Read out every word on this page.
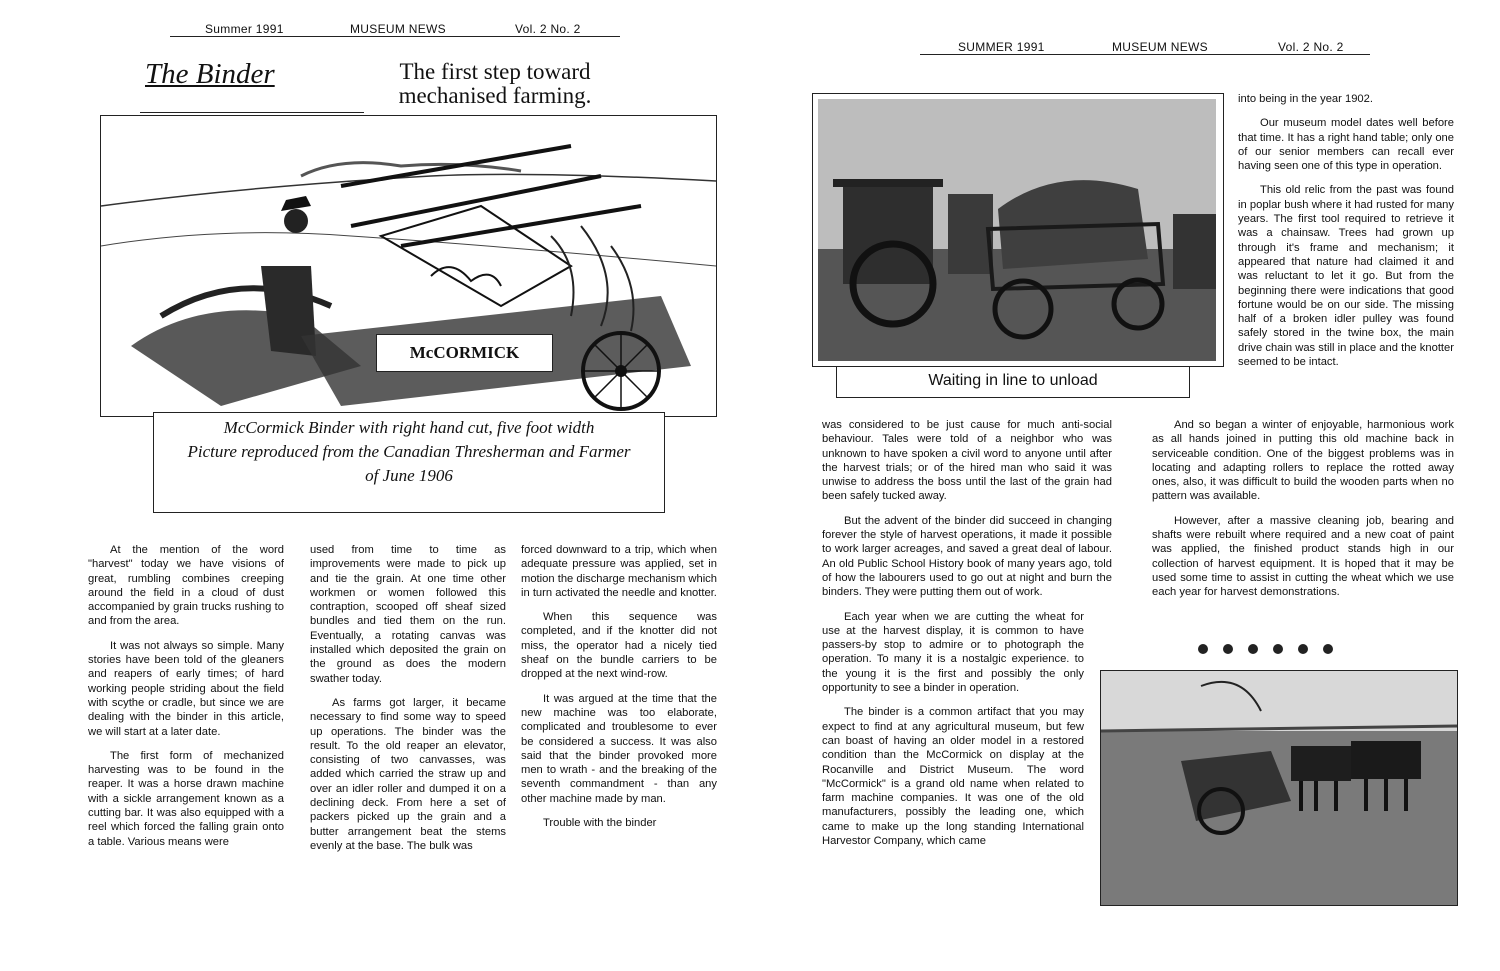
Summer 1991	MUSEUM NEWS	Vol. 2 No. 2
The Binder	The first step toward
mechanised farming.
McCORMICK
McCormick Binder with right hand cut, five foot width
Picture reproduced from the Canadian Thresherman and Farmer
of June 1906

At the mention of the word "harvest" today we have visions of great, rumbling combines creeping around the field in a cloud of dust accompanied by grain trucks rushing to and from the area.

It was not always so simple. Many stories have been told of the gleaners and reapers of early times; of hard working people striding about the field with scythe or cradle, but since we are dealing with the binder in this article, we will start at a later date.

The first form of mechanized harvesting was to be found in the reaper. It was a horse drawn machine with a sickle arrangement known as a cutting bar. It was also equipped with a reel which forced the falling grain onto a table. Various means were

used from time to time as improvements were made to pick up and tie the grain. At one time other workmen or women followed this contraption, scooped off sheaf sized bundles and tied them on the run. Eventually, a rotating canvas was installed which deposited the grain on the ground as does the modern swather today.

As farms got larger, it became necessary to find some way to speed up operations. The binder was the result. To the old reaper an elevator, consisting of two canvasses, was added which carried the straw up and over an idler roller and dumped it on a declining deck. From here a set of packers picked up the grain and a butter arrangement beat the stems evenly at the base. The bulk was

forced downward to a trip, which when adequate pressure was applied, set in motion the discharge mechanism which in turn activated the needle and knotter.

When this sequence was completed, and if the knotter did not miss, the operator had a nicely tied sheaf on the bundle carriers to be dropped at the next wind-row.

It was argued at the time that the new machine was too elaborate, complicated and troublesome to ever be considered a success. It was also said that the binder provoked more men to wrath - and the breaking of the seventh commandment - than any other machine made by man.

Trouble with the binder

SUMMER 1991	MUSEUM NEWS	Vol. 2 No. 2
Waiting in line to unload

into being in the year 1902.

Our museum model dates well before that time. It has a right hand table; only one of our senior members can recall ever having seen one of this type in operation.

This old relic from the past was found in poplar bush where it had rusted for many years. The first tool required to retrieve it was a chainsaw. Trees had grown up through it's frame and mechanism; it appeared that nature had claimed it and was reluctant to let it go. But from the beginning there were indications that good fortune would be on our side. The missing half of a broken idler pulley was found safely stored in the twine box, the main drive chain was still in place and the knotter seemed to be intact.

was considered to be just cause for much anti-social behaviour. Tales were told of a neighbor who was unknown to have spoken a civil word to anyone until after the harvest trials; or of the hired man who said it was unwise to address the boss until the last of the grain had been safely tucked away.

But the advent of the binder did succeed in changing forever the style of harvest operations, it made it possible to work larger acreages, and saved a great deal of labour. An old Public School History book of many years ago, told of how the labourers used to go out at night and burn the binders. They were putting them out of work.

Each year when we are cutting the wheat for use at the harvest display, it is common to have passers-by stop to admire or to photograph the operation. To many it is a nostalgic experience. to the young it is the first and possibly the only opportunity to see a binder in operation.

The binder is a common artifact that you may expect to find at any agricultural museum, but few can boast of having an older model in a restored condition than the McCormick on display at the Rocanville and District Museum. The word "McCormick" is a grand old name when related to farm machine companies. It was one of the old manufacturers, possibly the leading one, which came to make up the long standing International Harvestor Company, which came

And so began a winter of enjoyable, harmonious work as all hands joined in putting this old machine back in serviceable condition. One of the biggest problems was in locating and adapting rollers to replace the rotted away ones, also, it was difficult to build the wooden parts when no pattern was available.

However, after a massive cleaning job, bearing and shafts were rebuilt where required and a new coat of paint was applied, the finished product stands high in our collection of harvest equipment. It is hoped that it may be used some time to assist in cutting the wheat which we use each year for harvest demonstrations.
